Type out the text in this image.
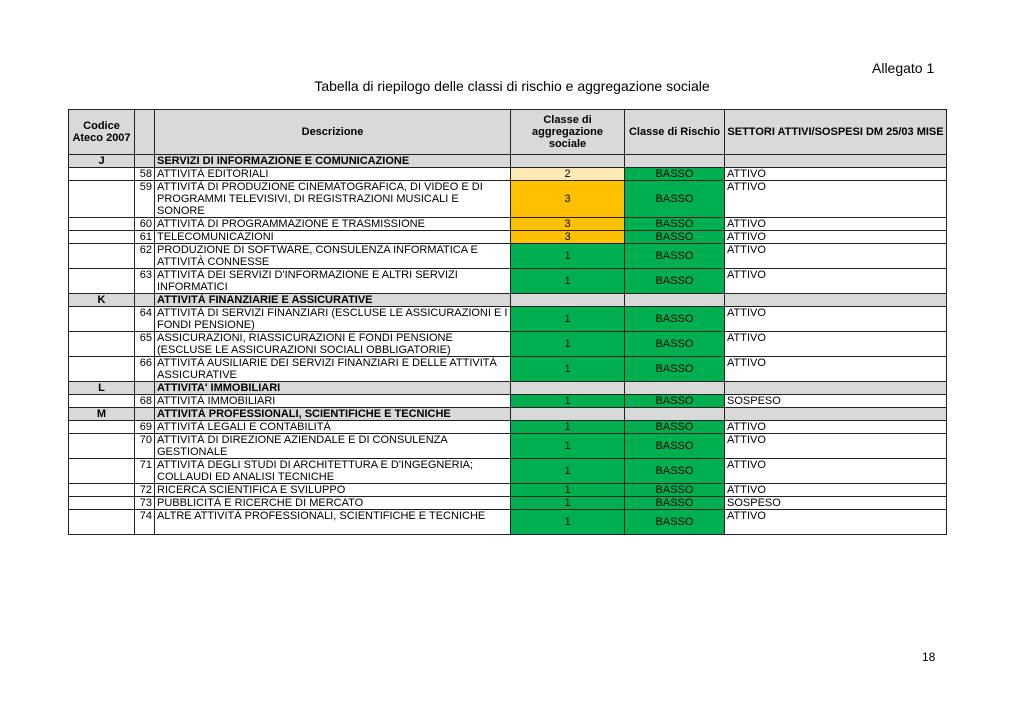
Allegato 1
Tabella di riepilogo delle classi di rischio e aggregazione sociale
Codice Ateco 2007		Descrizione	Classe di aggregazione sociale	Classe di Rischio	SETTORI ATTIVI/SOSPESI DM 25/03 MISE
J		SERVIZI DI INFORMAZIONE E COMUNICAZIONE			
	58	ATTIVITÀ EDITORIALI	2	BASSO	ATTIVO
	59	ATTIVITÀ DI PRODUZIONE CINEMATOGRAFICA, DI VIDEO E DI PROGRAMMI TELEVISIVI, DI REGISTRAZIONI MUSICALI E SONORE	3	BASSO	ATTIVO
	60	ATTIVITÀ DI PROGRAMMAZIONE E TRASMISSIONE	3	BASSO	ATTIVO
	61	TELECOMUNICAZIONI	3	BASSO	ATTIVO
	62	PRODUZIONE DI SOFTWARE, CONSULENZA INFORMATICA E ATTIVITÀ CONNESSE	1	BASSO	ATTIVO
	63	ATTIVITÀ DEI SERVIZI D'INFORMAZIONE E ALTRI SERVIZI INFORMATICI	1	BASSO	ATTIVO
K		ATTIVITÀ FINANZIARIE E ASSICURATIVE			
	64	ATTIVITÀ DI SERVIZI FINANZIARI (ESCLUSE LE ASSICURAZIONI E I FONDI PENSIONE)	1	BASSO	ATTIVO
	65	ASSICURAZIONI, RIASSICURAZIONI E FONDI PENSIONE (ESCLUSE LE ASSICURAZIONI SOCIALI OBBLIGATORIE)	1	BASSO	ATTIVO
	66	ATTIVITÀ AUSILIARIE DEI SERVIZI FINANZIARI E DELLE ATTIVITÀ ASSICURATIVE	1	BASSO	ATTIVO
L		ATTIVITA' IMMOBILIARI			
	68	ATTIVITÀ IMMOBILIARI	1	BASSO	SOSPESO
M		ATTIVITÀ PROFESSIONALI, SCIENTIFICHE E TECNICHE			
	69	ATTIVITÀ LEGALI E CONTABILITÀ	1	BASSO	ATTIVO
	70	ATTIVITÀ DI DIREZIONE AZIENDALE E DI CONSULENZA GESTIONALE	1	BASSO	ATTIVO
	71	ATTIVITÀ DEGLI STUDI DI ARCHITETTURA E D'INGEGNERIA; COLLAUDI ED ANALISI TECNICHE	1	BASSO	ATTIVO
	72	RICERCA SCIENTIFICA E SVILUPPO	1	BASSO	ATTIVO
	73	PUBBLICITÀ E RICERCHE DI MERCATO	1	BASSO	SOSPESO
	74	ALTRE ATTIVITÀ PROFESSIONALI, SCIENTIFICHE E TECNICHE	1	BASSO	ATTIVO
18
